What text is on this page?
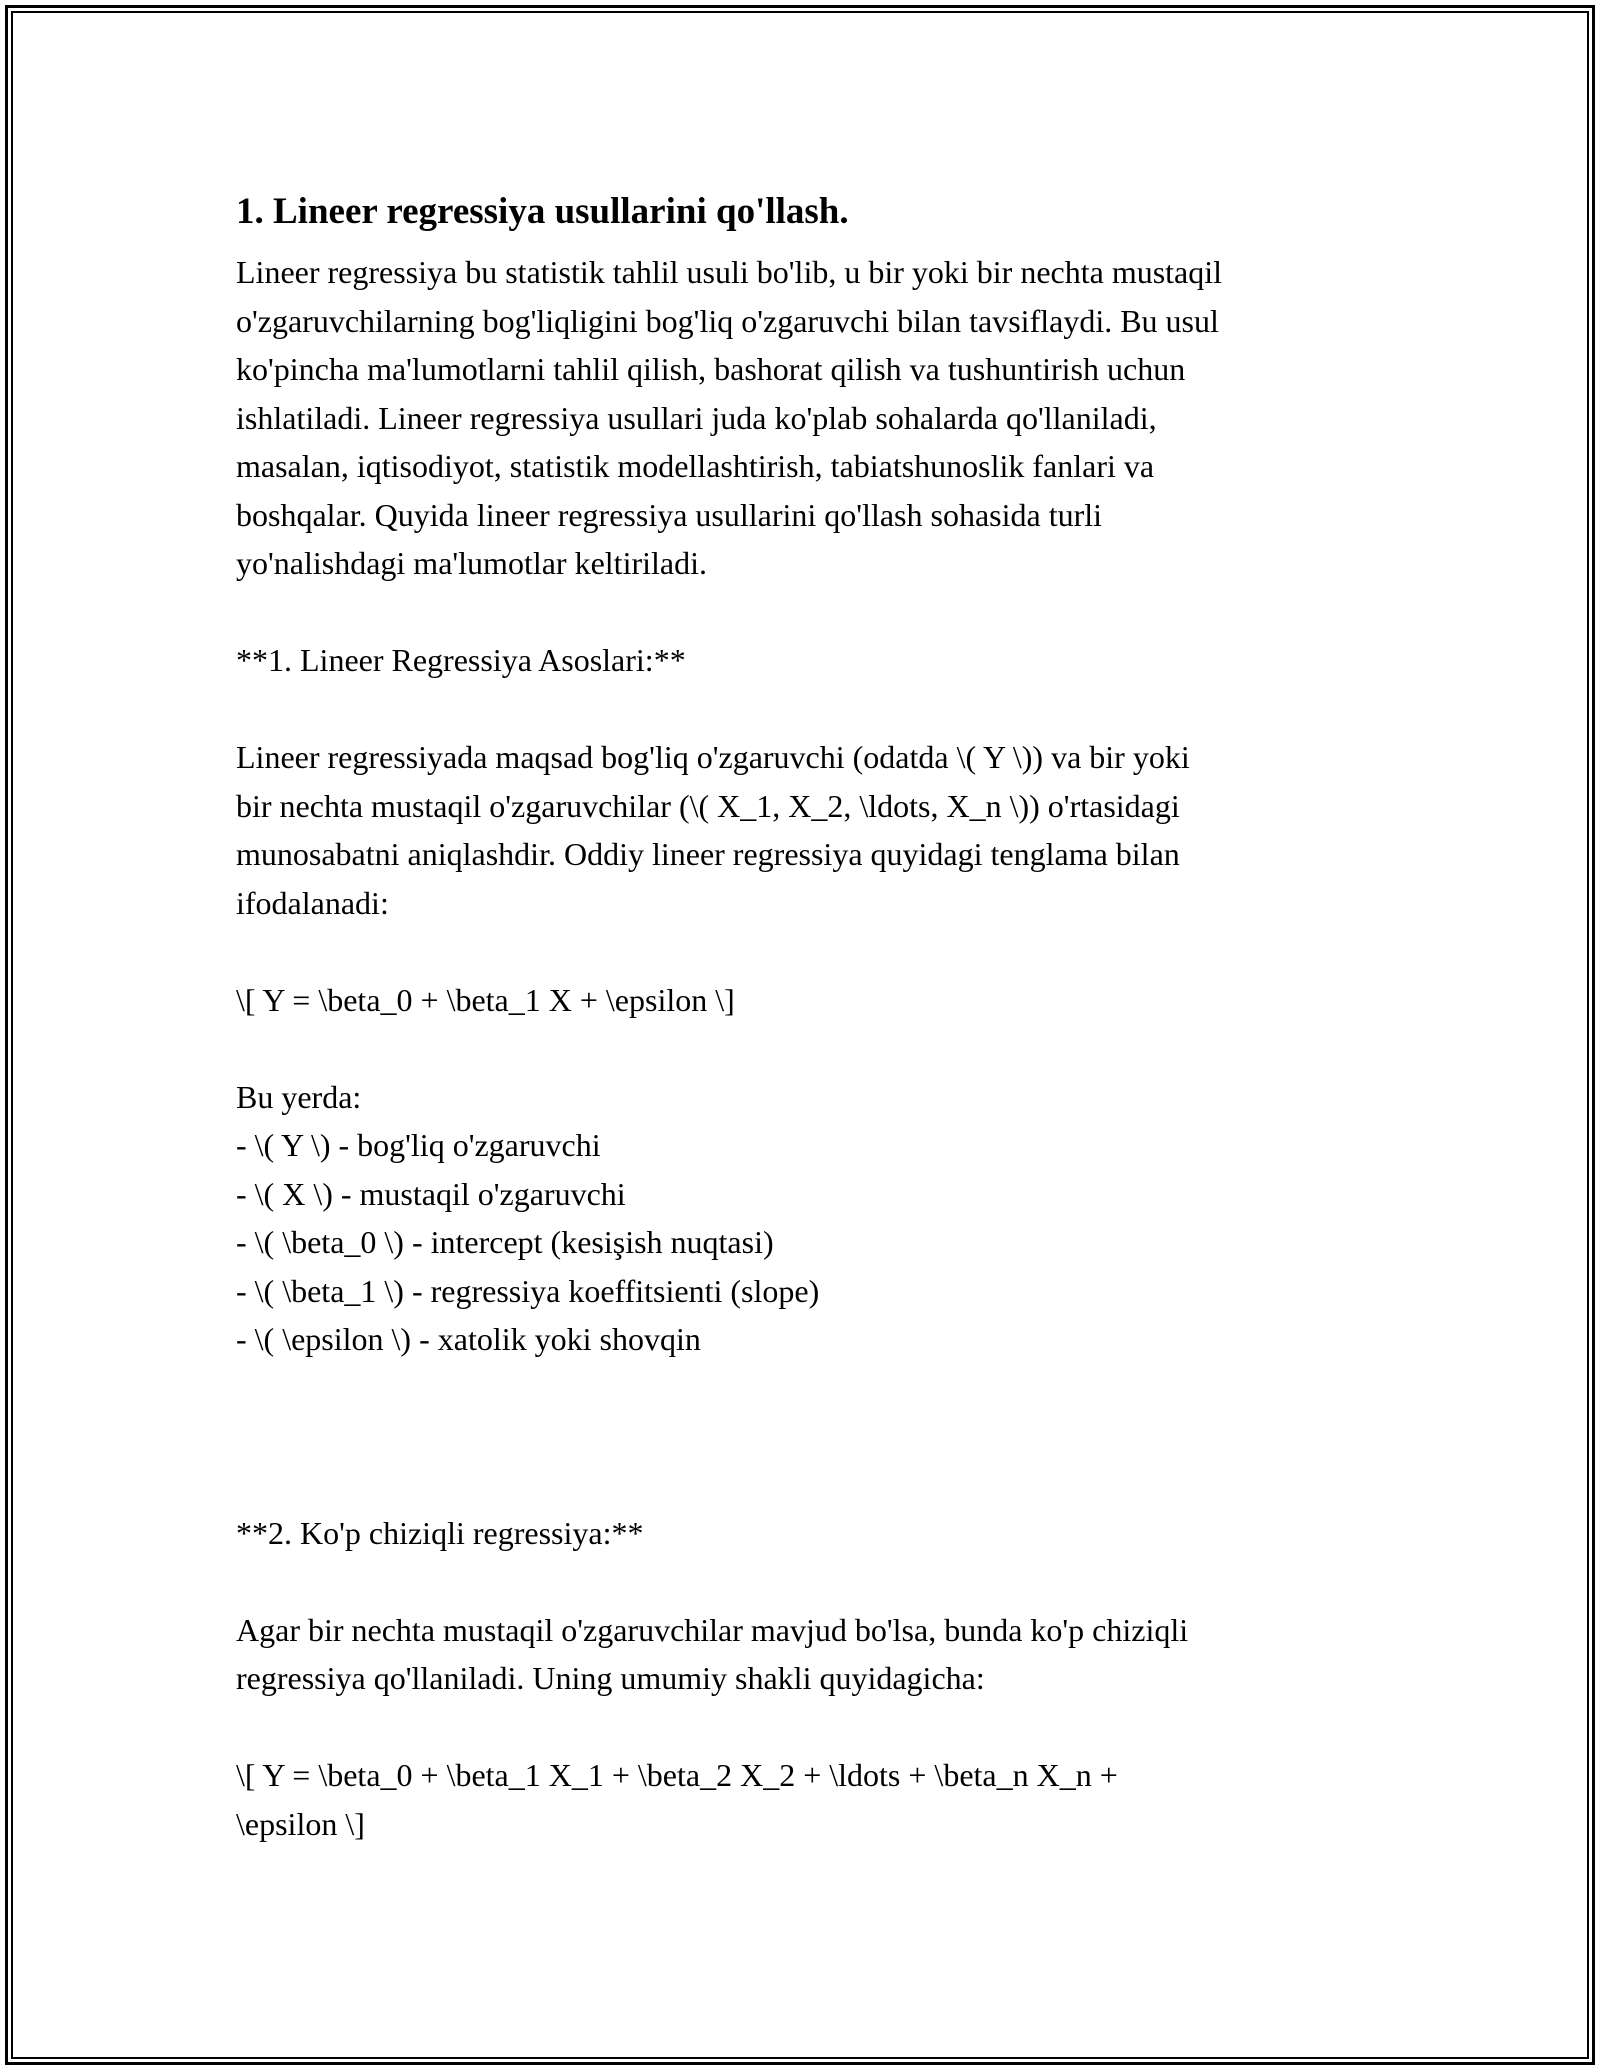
1. Lineer regressiya usullarini qo'llash.
Lineer regressiya bu statistik tahlil usuli bo'lib, u bir yoki bir nechta mustaqil
o'zgaruvchilarning bog'liqligini bog'liq o'zgaruvchi bilan tavsiflaydi. Bu usul
ko'pincha ma'lumotlarni tahlil qilish, bashorat qilish va tushuntirish uchun
ishlatiladi. Lineer regressiya usullari juda ko'plab sohalarda qo'llaniladi,
masalan, iqtisodiyot, statistik modellashtirish, tabiatshunoslik fanlari va
boshqalar. Quyida lineer regressiya usullarini qo'llash sohasida turli
yo'nalishdagi ma'lumotlar keltiriladi.
**1. Lineer Regressiya Asoslari:**
Lineer regressiyada maqsad bog'liq o'zgaruvchi (odatda \( Y \)) va bir yoki
bir nechta mustaqil o'zgaruvchilar (\( X_1, X_2, \ldots, X_n \)) o'rtasidagi
munosabatni aniqlashdir. Oddiy lineer regressiya quyidagi tenglama bilan
ifodalanadi:
\[ Y = \beta_0 + \beta_1 X + \epsilon \]
Bu yerda:
- \( Y \) - bog'liq o'zgaruvchi
- \( X \) - mustaqil o'zgaruvchi
- \( \beta_0 \) - intercept (kesişish nuqtasi)
- \( \beta_1 \) - regressiya koeffitsienti (slope)
- \( \epsilon \) - xatolik yoki shovqin
**2. Ko'p chiziqli regressiya:**
Agar bir nechta mustaqil o'zgaruvchilar mavjud bo'lsa, bunda ko'p chiziqli
regressiya qo'llaniladi. Uning umumiy shakli quyidagicha:
\[ Y = \beta_0 + \beta_1 X_1 + \beta_2 X_2 + \ldots + \beta_n X_n +
\epsilon \]
